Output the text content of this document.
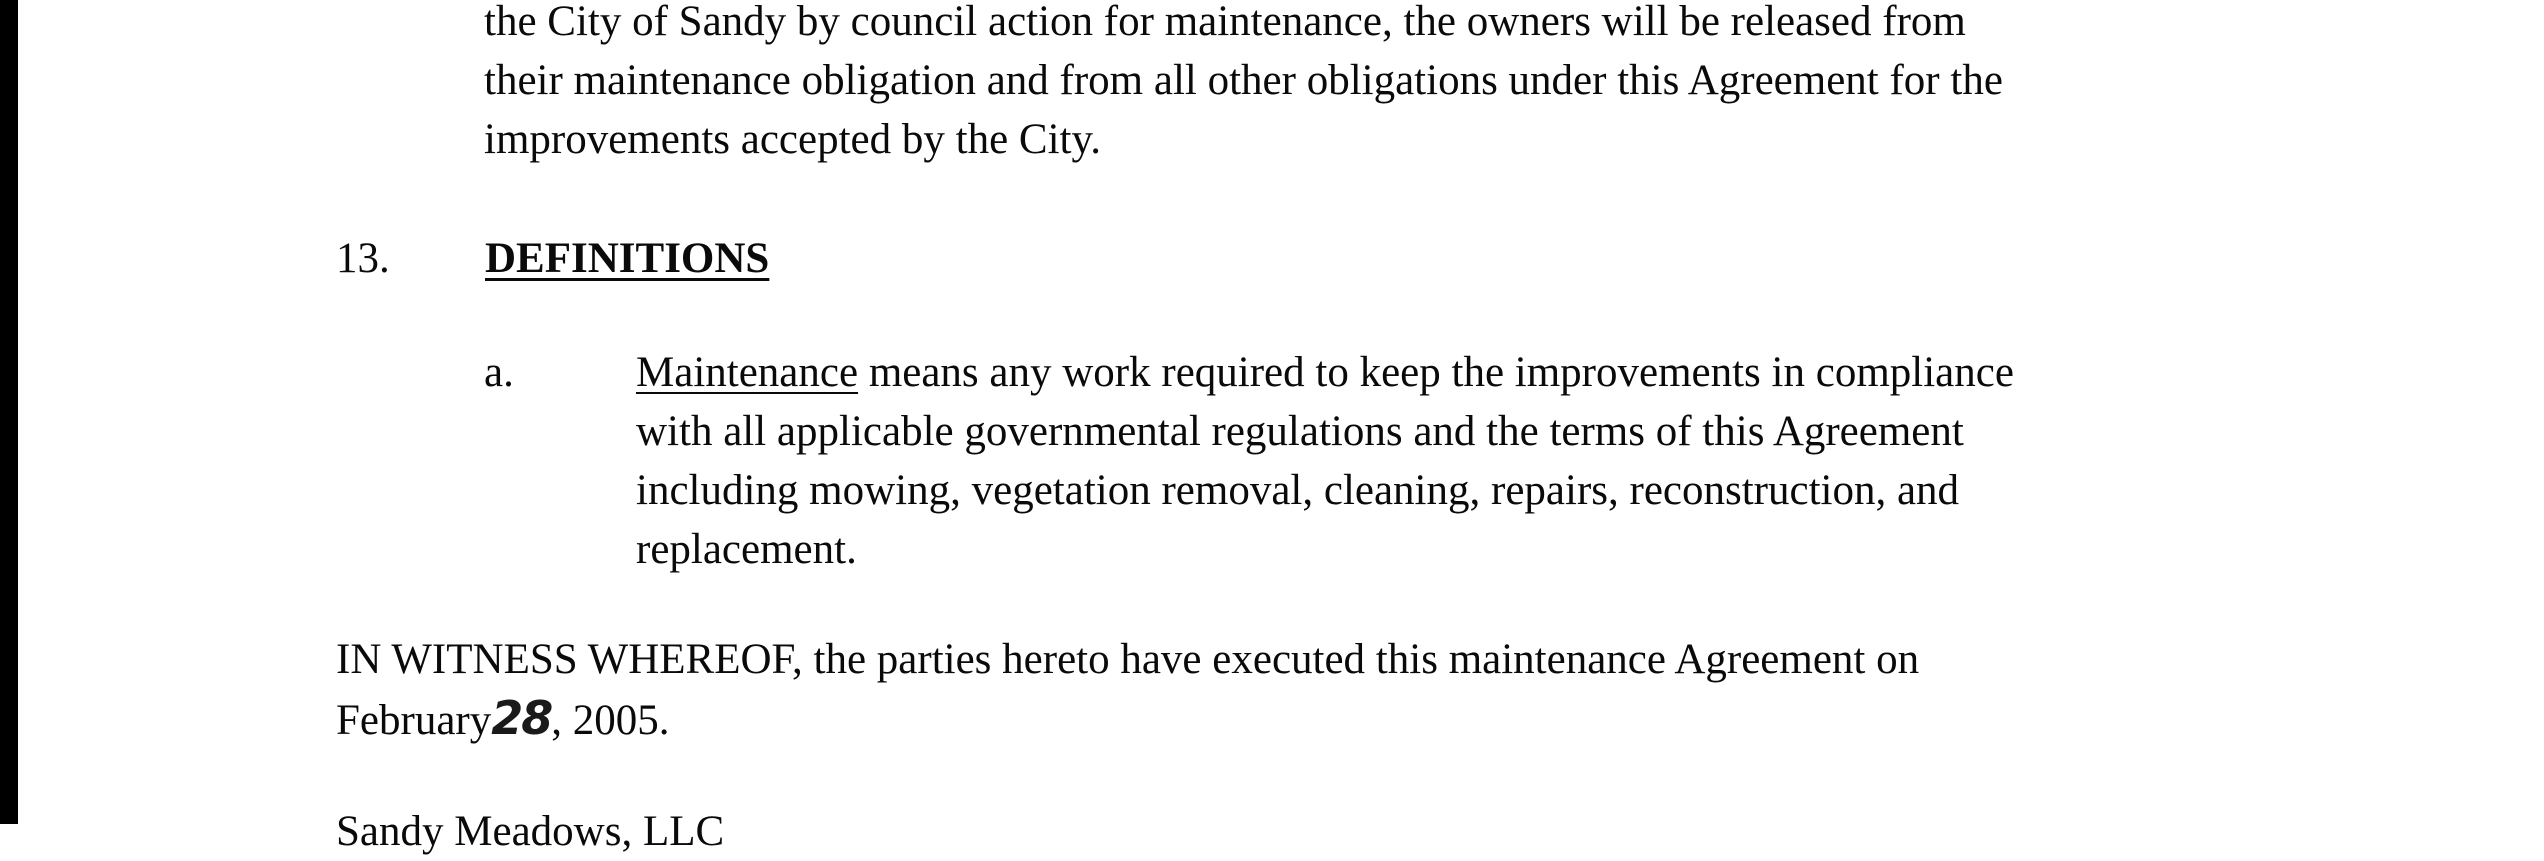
the City of Sandy by council action for maintenance, the owners will be released from
their maintenance obligation and from all other obligations under this Agreement for the
improvements accepted by the City.
13. DEFINITIONS
a.	Maintenance means any work required to keep the improvements in compliance
with all applicable governmental regulations and the terms of this Agreement
including mowing, vegetation removal, cleaning, repairs, reconstruction, and
replacement.
IN WITNESS WHEREOF, the parties hereto have executed this maintenance Agreement on
February28, 2005.
Sandy Meadows, LLC
